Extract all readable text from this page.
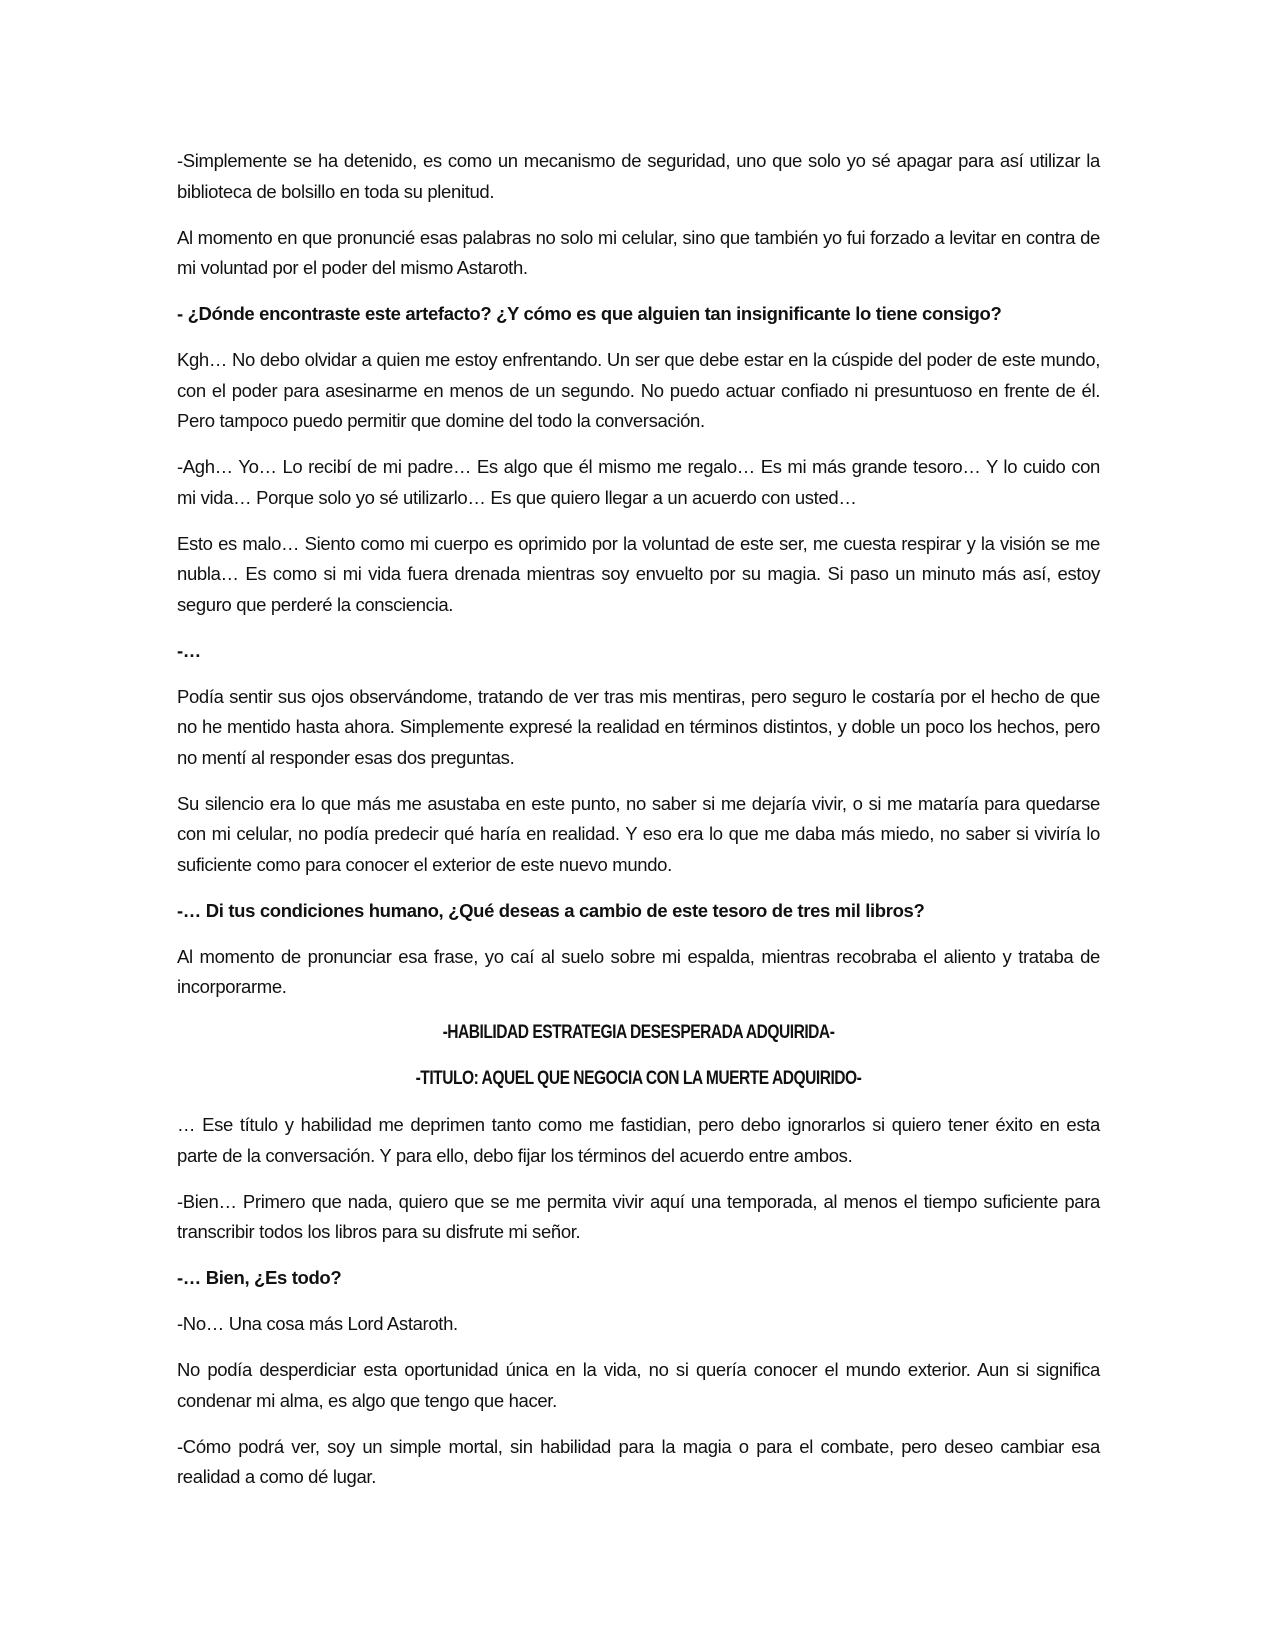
-Simplemente se ha detenido, es como un mecanismo de seguridad, uno que solo yo sé apagar para así utilizar la biblioteca de bolsillo en toda su plenitud.

Al momento en que pronuncié esas palabras no solo mi celular, sino que también yo fui forzado a levitar en contra de mi voluntad por el poder del mismo Astaroth.

- ¿Dónde encontraste este artefacto? ¿Y cómo es que alguien tan insignificante lo tiene consigo?

Kgh… No debo olvidar a quien me estoy enfrentando. Un ser que debe estar en la cúspide del poder de este mundo, con el poder para asesinarme en menos de un segundo. No puedo actuar confiado ni presuntuoso en frente de él. Pero tampoco puedo permitir que domine del todo la conversación.

-Agh… Yo… Lo recibí de mi padre… Es algo que él mismo me regalo… Es mi más grande tesoro… Y lo cuido con mi vida… Porque solo yo sé utilizarlo… Es que quiero llegar a un acuerdo con usted…

Esto es malo… Siento como mi cuerpo es oprimido por la voluntad de este ser, me cuesta respirar y la visión se me nubla… Es como si mi vida fuera drenada mientras soy envuelto por su magia. Si paso un minuto más así, estoy seguro que perderé la consciencia.

-…

Podía sentir sus ojos observándome, tratando de ver tras mis mentiras, pero seguro le costaría por el hecho de que no he mentido hasta ahora. Simplemente expresé la realidad en términos distintos, y doble un poco los hechos, pero no mentí al responder esas dos preguntas.

Su silencio era lo que más me asustaba en este punto, no saber si me dejaría vivir, o si me mataría para quedarse con mi celular, no podía predecir qué haría en realidad. Y eso era lo que me daba más miedo, no saber si viviría lo suficiente como para conocer el exterior de este nuevo mundo.

-… Di tus condiciones humano, ¿Qué deseas a cambio de este tesoro de tres mil libros?

Al momento de pronunciar esa frase, yo caí al suelo sobre mi espalda, mientras recobraba el aliento y trataba de incorporarme.

-HABILIDAD ESTRATEGIA DESESPERADA ADQUIRIDA-

-TITULO: AQUEL QUE NEGOCIA CON LA MUERTE ADQUIRIDO-

… Ese título y habilidad me deprimen tanto como me fastidian, pero debo ignorarlos si quiero tener éxito en esta parte de la conversación. Y para ello, debo fijar los términos del acuerdo entre ambos.

-Bien… Primero que nada, quiero que se me permita vivir aquí una temporada, al menos el tiempo suficiente para transcribir todos los libros para su disfrute mi señor.

-… Bien, ¿Es todo?

-No… Una cosa más Lord Astaroth.

No podía desperdiciar esta oportunidad única en la vida, no si quería conocer el mundo exterior. Aun si significa condenar mi alma, es algo que tengo que hacer.

-Cómo podrá ver, soy un simple mortal, sin habilidad para la magia o para el combate, pero deseo cambiar esa realidad a como dé lugar.
